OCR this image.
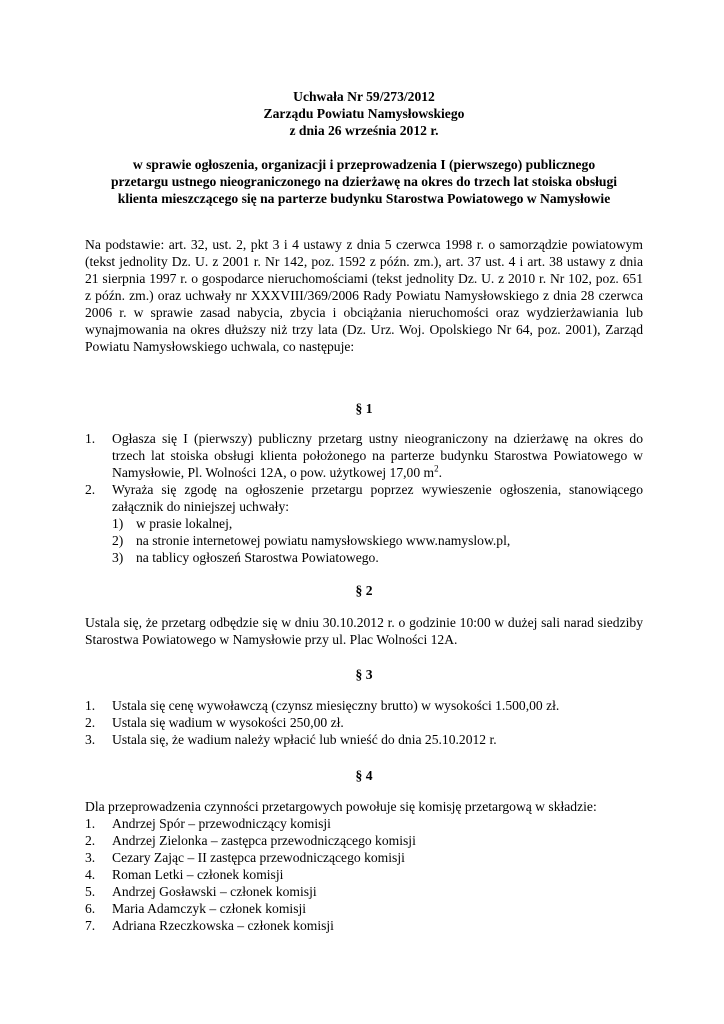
Uchwała Nr 59/273/2012
Zarządu Powiatu Namysłowskiego
z dnia 26 września 2012 r.
w sprawie ogłoszenia, organizacji i przeprowadzenia I (pierwszego) publicznego
przetargu ustnego nieograniczonego na dzierżawę na okres do trzech lat stoiska obsługi
klienta mieszczącego się na parterze budynku Starostwa Powiatowego w Namysłowie

Na podstawie: art. 32, ust. 2, pkt 3 i 4 ustawy z dnia 5 czerwca 1998 r. o samorządzie powiatowym (tekst jednolity Dz. U. z 2001 r. Nr 142, poz. 1592 z późn. zm.), art. 37 ust. 4 i art. 38 ustawy z dnia 21 sierpnia 1997 r. o gospodarce nieruchomościami (tekst jednolity Dz. U. z 2010 r. Nr 102, poz. 651 z późn. zm.) oraz uchwały nr XXXVIII/369/2006 Rady Powiatu Namysłowskiego z dnia 28 czerwca 2006 r. w sprawie zasad nabycia, zbycia i obciążania nieruchomości oraz wydzierżawiania lub wynajmowania na okres dłuższy niż trzy lata (Dz. Urz. Woj. Opolskiego Nr 64, poz. 2001), Zarząd Powiatu Namysłowskiego uchwala, co następuje:

§ 1
1. Ogłasza się I (pierwszy) publiczny przetarg ustny nieograniczony na dzierżawę na okres do trzech lat stoiska obsługi klienta położonego na parterze budynku Starostwa Powiatowego w Namysłowie, Pl. Wolności 12A, o pow. użytkowej 17,00 $m^2$.
2. Wyraża się zgodę na ogłoszenie przetargu poprzez wywieszenie ogłoszenia, stanowiącego załącznik do niniejszej uchwały:
1) w prasie lokalnej,
2) na stronie internetowej powiatu namysłowskiego www.namyslow.pl,
3) na tablicy ogłoszeń Starostwa Powiatowego.
§ 2

Ustala się, że przetarg odbędzie się w dniu 30.10.2012 r. o godzinie 10:00 w dużej sali narad siedziby Starostwa Powiatowego w Namysłowie przy ul. Plac Wolności 12A.

§ 3
1. Ustala się cenę wywoławczą (czynsz miesięczny brutto) w wysokości 1.500,00 zł.
2. Ustala się wadium w wysokości 250,00 zł.
3. Ustala się, że wadium należy wpłacić lub wnieść do dnia 25.10.2012 r.
§ 4

Dla przeprowadzenia czynności przetargowych powołuje się komisję przetargową w składzie:

1. Andrzej Spór – przewodniczący komisji
2. Andrzej Zielonka – zastępca przewodniczącego komisji
3. Cezary Zając – II zastępca przewodniczącego komisji
4. Roman Letki – członek komisji
5. Andrzej Gosławski – członek komisji
6. Maria Adamczyk – członek komisji
7. Adriana Rzeczkowska – członek komisji
